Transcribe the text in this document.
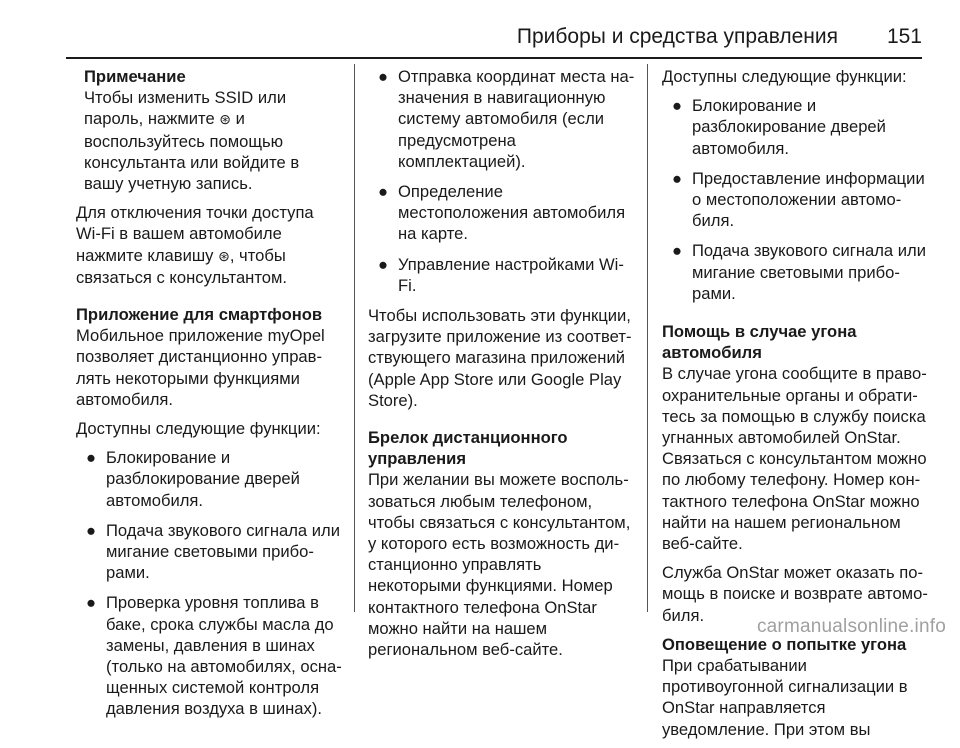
Приборы и средства управления 151
Примечание
Чтобы изменить SSID или пароль, нажмите ⊛ и воспользуйтесь помощью консультанта или войдите в вашу учетную запись.
Для отключения точки доступа Wi-Fi в вашем автомобиле нажмите клавишу ⊛, чтобы связаться с консультантом.
Приложение для смартфонов
Мобильное приложение myOpel позволяет дистанционно управлять некоторыми функциями автомобиля.
Доступны следующие функции:
● Блокирование и разблокирование дверей автомобиля.
● Подача звукового сигнала или мигание световыми приборами.
● Проверка уровня топлива в баке, срока службы масла до замены, давления в шинах (только на автомобилях, оснащенных системой контроля давления воздуха в шинах).
● Отправка координат места назначения в навигационную систему автомобиля (если предусмотрена комплектацией).
● Определение местоположения автомобиля на карте.
● Управление настройками Wi-Fi.
Чтобы использовать эти функции, загрузите приложение из соответствующего магазина приложений (Apple App Store или Google Play Store).
Брелок дистанционного управления
При желании вы можете воспользоваться любым телефоном, чтобы связаться с консультантом, у которого есть возможность дистанционно управлять некоторыми функциями. Номер контактного телефона OnStar можно найти на нашем региональном веб-сайте.
Доступны следующие функции:
● Блокирование и разблокирование дверей автомобиля.
● Предоставление информации о местоположении автомобиля.
● Подача звукового сигнала или мигание световыми приборами.
Помощь в случае угона автомобиля
В случае угона сообщите в правоохранительные органы и обратитесь за помощью в службу поиска угнанных автомобилей OnStar. Связаться с консультантом можно по любому телефону. Номер контактного телефона OnStar можно найти на нашем региональном веб-сайте.
Служба OnStar может оказать помощь в поиске и возврате автомобиля.
Оповещение о попытке угона
При срабатывании противоугонной сигнализации в OnStar направляется уведомление. При этом вы
carmanualsonline.info
